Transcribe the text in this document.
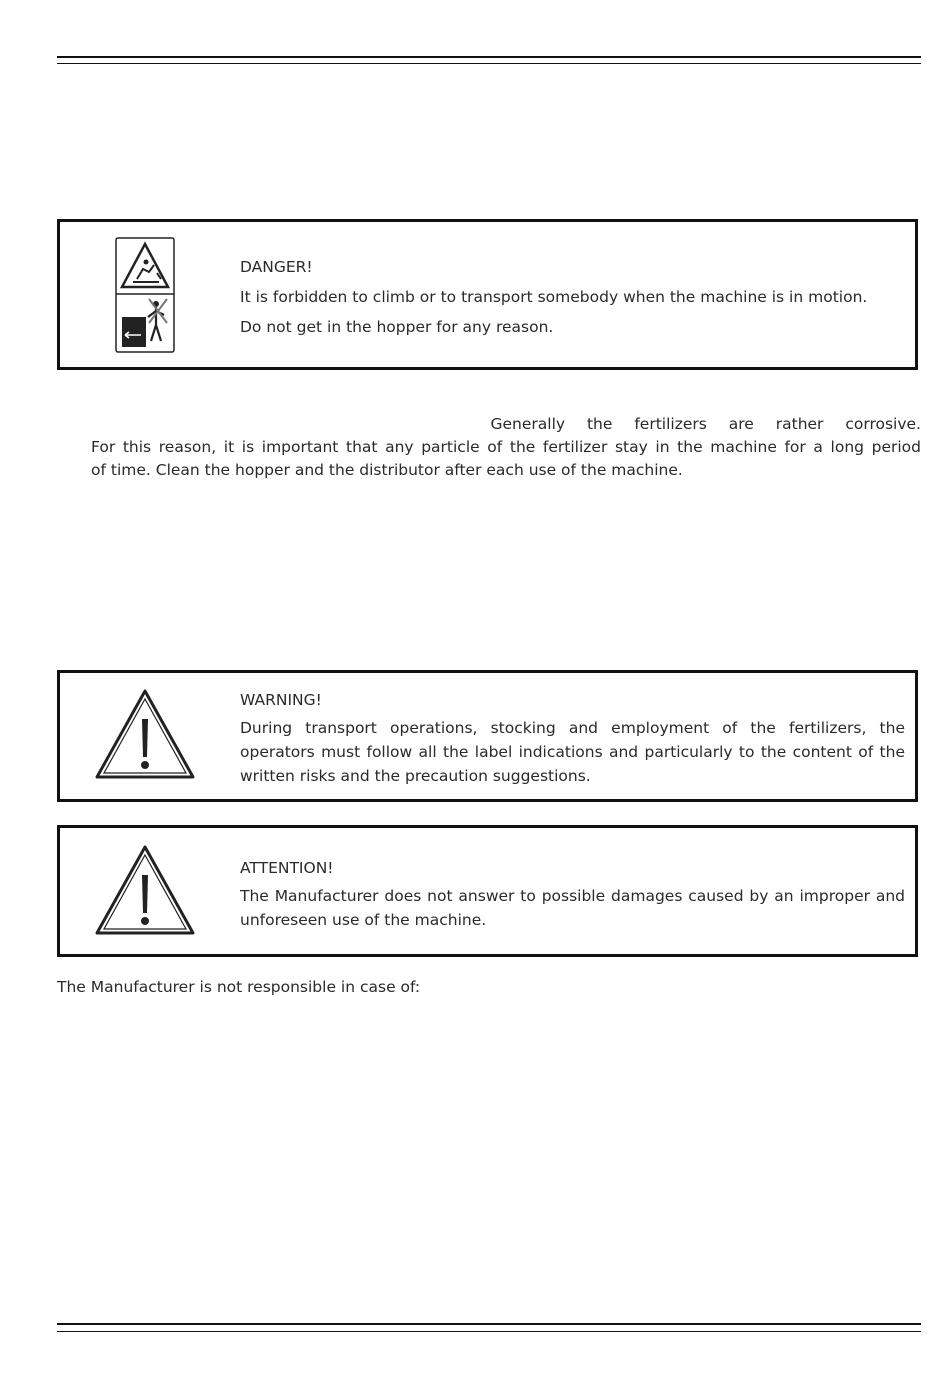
DANGER!

It is forbidden to climb or to transport somebody when the machine is in motion.

Do not get in the hopper for any reason.

Generally the fertilizers are rather corrosive.
For this reason, it is important that any particle of the fertilizer stay in the machine for a long period
of time. Clean the hopper and the distributor after each use of the machine.

WARNING!

During transport operations, stocking and employment of the fertilizers, the operators must follow all the label indications and particularly to the content of the written risks and the precaution suggestions.

ATTENTION!

The Manufacturer does not answer to possible damages caused by an improper and unforeseen use of the machine.

The Manufacturer is not responsible in case of:
